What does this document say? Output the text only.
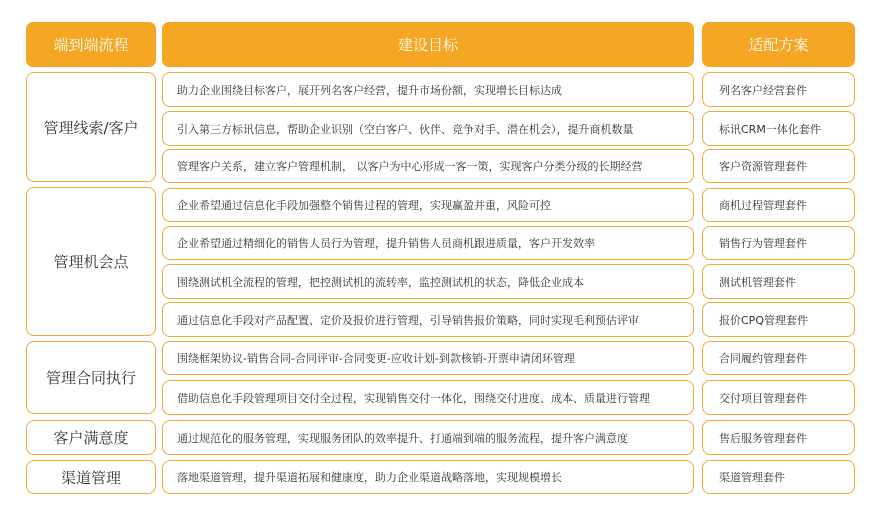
端到端流程	建设目标	适配方案
管理线索/客户
管理机会点
管理合同执行
客户满意度
渠道管理
助力企业围绕目标客户，展开列名客户经营，提升市场份额，实现增长目标达成
引入第三方标讯信息，帮助企业识别（空白客户、伙伴、竞争对手、潜在机会），提升商机数量
管理客户关系，建立客户管理机制， 以客户为中心形成一客一策，实现客户分类分级的长期经营
企业希望通过信息化手段加强整个销售过程的管理，实现赢盈并重，风险可控
企业希望通过精细化的销售人员行为管理，提升销售人员商机跟进质量，客户开发效率
围绕测试机全流程的管理，把控测试机的流转率，监控测试机的状态，降低企业成本
通过信息化手段对产品配置、定价及报价进行管理，引导销售报价策略，同时实现毛利预估评审
围绕框架协议-销售合同-合同评审-合同变更-应收计划-到款核销-开票申请闭环管理
借助信息化手段管理项目交付全过程，实现销售交付一体化，围绕交付进度、成本、质量进行管理
通过规范化的服务管理，实现服务团队的效率提升、打通端到端的服务流程，提升客户满意度
落地渠道管理，提升渠道拓展和健康度，助力企业渠道战略落地，实现规模增长
列名客户经营套件
标讯CRM一体化套件
客户资源管理套件
商机过程管理套件
销售行为管理套件
测试机管理套件
报价CPQ管理套件
合同履约管理套件
交付项目管理套件
售后服务管理套件
渠道管理套件
